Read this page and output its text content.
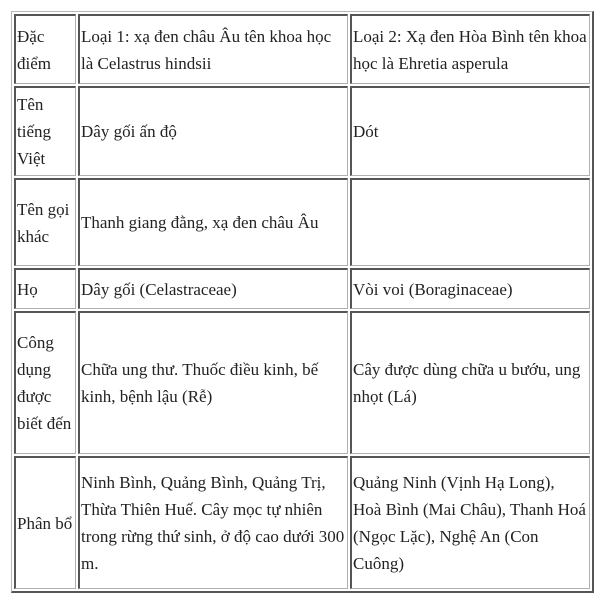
Đặc điểm	Loại 1: xạ đen châu Âu tên khoa học là Celastrus hindsii	Loại 2: Xạ đen Hòa Bình tên khoa học là Ehretia asperula
Tên tiếng Việt	Dây gối ấn độ	Dót
Tên gọi khác	Thanh giang đằng, xạ đen châu Âu	
Họ	Dây gối (Celastraceae)	Vòi voi (Boraginaceae)
Công dụng được biết đến	Chữa ung thư. Thuốc điều kinh, bế kinh, bệnh lậu (Rễ)	Cây được dùng chữa u bướu, ung nhọt (Lá)
Phân bổ	Ninh Bình, Quảng Bình, Quảng Trị, Thừa Thiên Huế. Cây mọc tự nhiên trong rừng thứ sinh, ở độ cao dưới 300 m.	Quảng Ninh (Vịnh Hạ Long), Hoà Bình (Mai Châu), Thanh Hoá (Ngọc Lặc), Nghệ An (Con Cuông)
